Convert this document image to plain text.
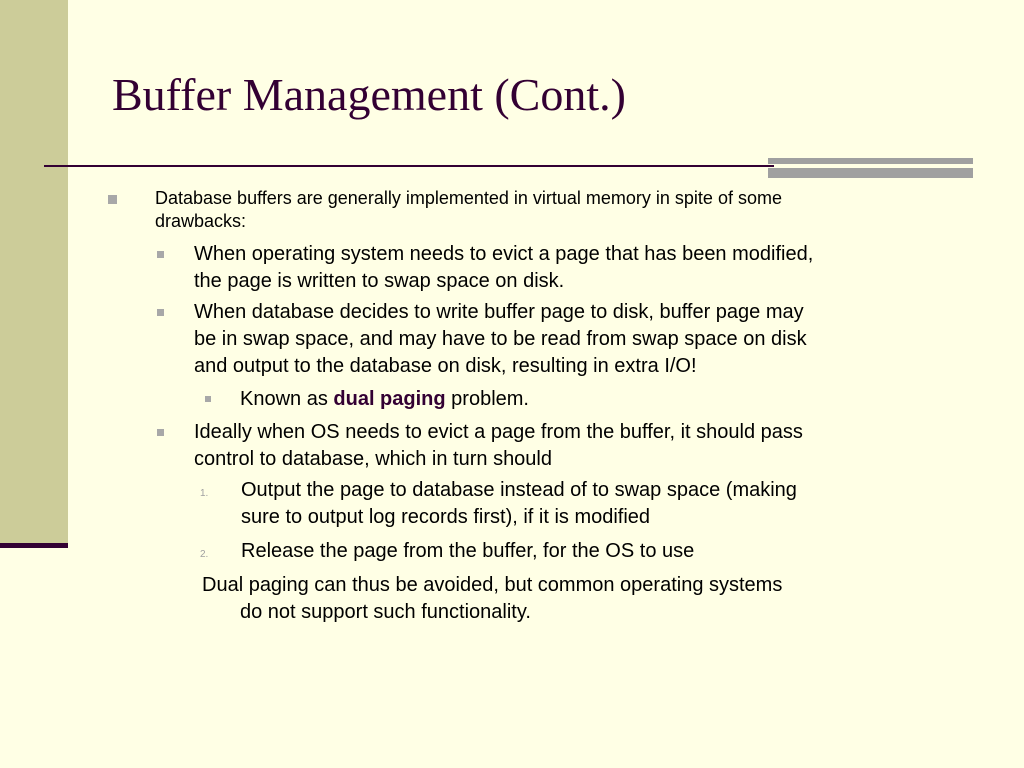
Buffer Management (Cont.)
Database buffers are generally implemented in virtual memory in spite of some
drawbacks:
When operating system needs to evict a page that has been modified,
the page is written to swap space on disk.
When database decides to write buffer page to disk, buffer page may
be in swap space, and may have to be read from swap space on disk
and output to the database on disk, resulting in extra I/O!
Known as dual paging problem.
Ideally when OS needs to evict a page from the buffer, it should pass
control to database, which in turn should
1. Output the page to database instead of to swap space (making
sure to output log records first), if it is modified
2. Release the page from the buffer, for the OS to use
Dual paging can thus be avoided, but common operating systems
do not support such functionality.
